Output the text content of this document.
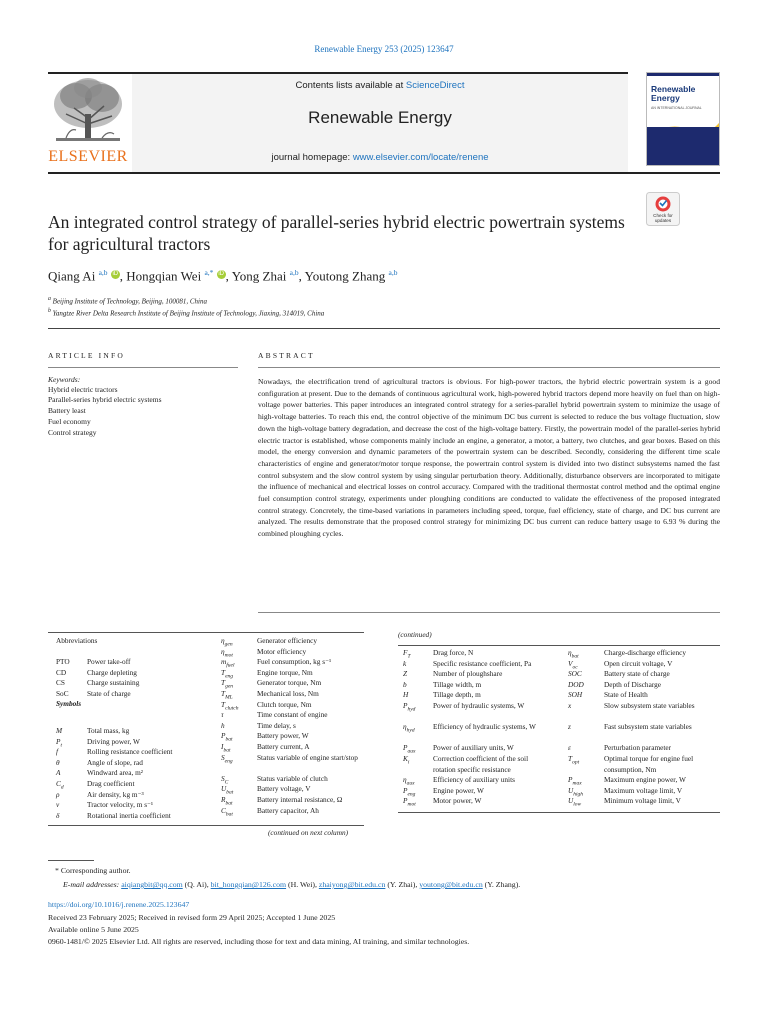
Renewable Energy 253 (2025) 123647
Contents lists available at ScienceDirect
Renewable Energy
journal homepage: www.elsevier.com/locate/renene
ELSEVIER
Renewable Energy
AN INTERNATIONAL JOURNAL
Check for
updates
An integrated control strategy of parallel-series hybrid electric powertrain systems for agricultural tractors
Qiang Ai $^{a,b}$ iD , Hongqian Wei $^{a,*}$ iD , Yong Zhai $^{a,b}$, Youtong Zhang $^{a,b}$
$^a$ Beijing Institute of Technology, Beijing, 100081, China
$^b$ Yangtze River Delta Research Institute of Beijing Institute of Technology, Jiaxing, 314019, China
ARTICLE INFO	ABSTRACT
Keywords:
Hybrid electric tractors
Parallel-series hybrid electric systems
Battery least
Fuel economy
Control strategy
Nowadays, the electrification trend of agricultural tractors is obvious. For high-power tractors, the hybrid electric powertrain system is a good configuration at present. Due to the demands of continuous agricultural work, high-powered hybrid tractors depend more heavily on fuel than on high-voltage power batteries. This paper introduces an integrated control strategy for a series-parallel hybrid powertrain system to minimize the usage of high-voltage batteries. To reach this end, the control objective of the minimum DC bus current is selected to reduce the bus voltage fluctuation, slow down the high-voltage battery degradation, and decrease the cost of the high-voltage battery. Firstly, the powertrain model of the parallel-series hybrid electric tractor is established, whose components mainly include an engine, a generator, a motor, a battery, two clutches, and gear boxes. Based on this model, the energy conversion and dynamic parameters of the powertrain system can be described. Secondly, considering the different time scale characteristics of engine and generator/motor torque response, the powertrain control system is divided into two distinct subsystems named the fast control subsystem and the slow control system by using singular perturbation theory. Additionally, disturbance observers are incorporated to mitigate the influence of mechanical and electrical losses on control accuracy. Compared with the traditional thermostat control method and the optimal engine fuel consumption control strategy, experiments under ploughing conditions are conducted to validate the effectiveness of the proposed integrated control strategy. Concretely, the time-based variations in parameters including speed, torque, fuel efficiency, state of charge, and DC bus current are analyzed. The results demonstrate that the proposed control strategy for minimizing DC bus current can reduce battery usage to 6.93 % during the combined ploughing cycles.
(continued)
Abbreviations
PTO Power take-off
CD	Charge depleting
CS	Charge sustaining
SoC	State of charge
Symbols
M	Total mass, kg
$P_t$	Driving power, W
f	Rolling resistance coefficient
θ	Angle of slope, rad
A	Windward area, m²
$C_d$	Drag coefficient
ρ	Air density, kg m⁻³
v	Tractor velocity, m s⁻¹
δ	Rotational inertia coefficient
$\eta_{gen}$	Generator efficiency
$\eta_{mot}$	Motor efficiency
$m_{fuel}$	Fuel consumption, kg s⁻¹
$T_{eng}$	Engine torque, Nm
$T_{gen}$	Generator torque, Nm
$T_{ML}$	Mechanical loss, Nm
$T_{clutch}$	Clutch torque, Nm
τ	Time constant of engine
h	Time delay, s
$P_{bat}$	Battery power, W
$I_{bat}$	Battery current, A
$S_{eng}$	Status variable of engine start/stop
$S_C$	Status variable of clutch
$U_{bat}$	Battery voltage, V
$R_{bat}$	Battery internal resistance, Ω
$C_{bat}$	Battery capacitor, Ah
$F_T$	Drag force, N
k	Specific resistance coefficient, Pa
Z	Number of ploughshare
b	Tillage width, m
H	Tillage depth, m
$P_{hyd}$ Power of hydraulic systems, W
$\eta_{hyd}$	Efficiency of hydraulic systems, W
$P_{aux}$ Power of auxiliary units, W
$K_i$	Correction coefficient of the soil rotation specific resistance
$\eta_{aux}$	Efficiency of auxiliary units
$P_{eng}$ Engine power, W
$P_{mot}$ Motor power, W
$\eta_{bat}$	Charge-discharge efficiency
$V_{oc}$	Open circuit voltage, V
SOC	Battery state of charge
DOD	Depth of Discharge
SOH	State of Health
x	Slow subsystem state variables
z	Fast subsystem state variables
ε	Perturbation parameter
$T_{opt}$	Optimal torque for engine fuel consumption, Nm
$P_{max}$	Maximum engine power, W
$U_{high}$	Maximum voltage limit, V
$U_{low}$	Minimum voltage limit, V
(continued on next column)
* Corresponding author.
E-mail addresses: aiqiangbit@qq.com (Q. Ai), bit_hongqian@126.com (H. Wei), zhaiyong@bit.edu.cn (Y. Zhai), youtong@bit.edu.cn (Y. Zhang).
https://doi.org/10.1016/j.renene.2025.123647
Received 23 February 2025; Received in revised form 29 April 2025; Accepted 1 June 2025
Available online 5 June 2025
0960-1481/© 2025 Elsevier Ltd. All rights are reserved, including those for text and data mining, AI training, and similar technologies.
